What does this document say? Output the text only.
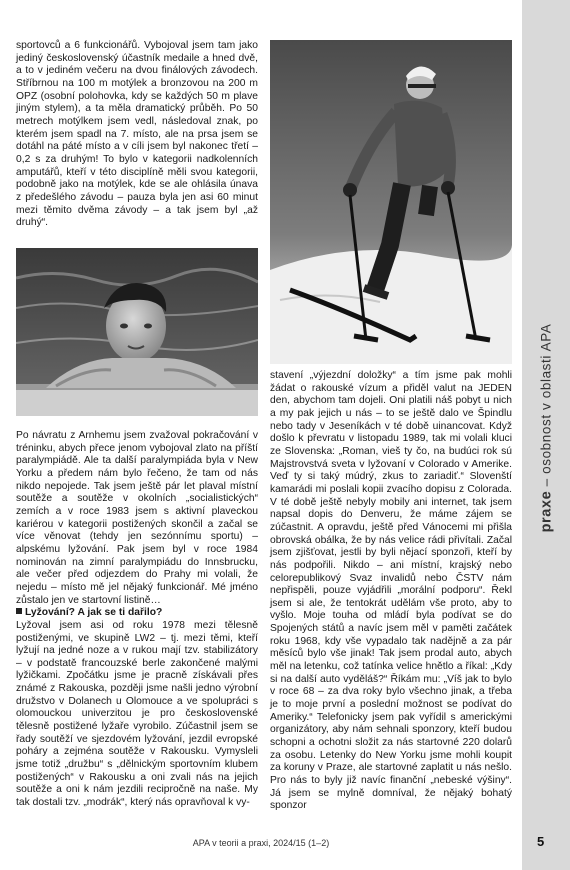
praxe
– osobnost v oblasti APA

sportovců a 6 funkcionářů. Vybojoval jsem tam jako jediný československý účastník medaile a hned dvě, a to v jediném večeru na dvou finálových závodech. Stříbrnou na 100 m motýlek a bronzovou na 200 m OPZ (osobní polohovka, kdy se každých 50 m plave jiným stylem), a ta měla dramatický průběh. Po 50 metrech motýlkem jsem vedl, následoval znak, po kterém jsem spadl na 7. místo, ale na prsa jsem se dotáhl na páté místo a v cíli jsem byl nakonec třetí – 0,2 s za druhým! To bylo v kategorii nadkolenních amputářů, kteří v této disciplíně měli svou kategorii, podobně jako na motýlek, kde se ale ohlásila únava z předešlého závodu – pauza byla jen asi 60 minut mezi těmito dvěma závody – a tak jsem byl „až druhý“.

Po návratu z Arnhemu jsem zvažoval pokračování v tréninku, abych přece jenom vybojoval zlato na příští paralympiádě. Ale ta další paralympiáda byla v New Yorku a předem nám bylo řečeno, že tam od nás nikdo nepojede. Tak jsem ještě pár let plaval místní soutěže a soutěže v okolních „socialistických“ zemích a v roce 1983 jsem s aktivní plaveckou kariérou v kategorii postižených skončil a začal se více věnovat (tehdy jen sezónnímu sportu) – alpskému lyžování. Pak jsem byl v roce 1984 nominován na zimní paralympiádu do Innsbrucku, ale večer před odjezdem do Prahy mi volali, že nejedu – místo mě jel nějaký funkcionář. Mé jméno zůstalo jen ve startovní listině…

Lyžování? A jak se ti dařilo?

Lyžoval jsem asi od roku 1978 mezi tělesně postiženými, ve skupině LW2 – tj. mezi těmi, kteří lyžují na jedné noze a v rukou mají tzv. stabilizátory – v podstatě francouzské berle zakončené malými lyžičkami. Zpočátku jsme je pracně získávali přes známé z Rakouska, později jsme našli jedno výrobní družstvo v Dolanech u Olomouce a ve spolupráci s olomouckou univerzitou je pro československé tělesně postižené lyžaře vyrobilo. Zúčastnil jsem se řady soutěží ve sjezdovém lyžování, jezdil evropské poháry a zejména soutěže v Rakousku. Vymysleli jsme totiž „družbu“ s „dělnickým sportovním klubem postižených“ v Rakousku a oni zvali nás na jejich soutěže a oni k nám jezdili recipročně na naše. My tak dostali tzv. „modrák“, který nás opravňoval k vy-

stavení „výjezdní doložky“ a tím jsme pak mohli žádat o rakouské vízum a přiděl valut na JEDEN den, abychom tam dojeli. Oni platili náš pobyt u nich a my pak jejich u nás – to se ještě dalo ve Špindlu nebo tady v Jeseníkách v té době uinancovat. Když došlo k převratu v listopadu 1989, tak mi volali kluci ze Slovenska: „Roman, vieš ty čo, na budúci rok sú Majstrovstvá sveta v lyžovaní v Colorado v Amerike. Veď ty si taký múdrý, zkus to zariadiť.“ Slovenští kamarádi mi poslali kopii zvacího dopisu z Colorada. V té době ještě nebyly mobily ani internet, tak jsem napsal dopis do Denveru, že máme zájem se zúčastnit. A opravdu, ještě před Vánocemi mi přišla obrovská obálka, že by nás velice rádi přivítali. Začal jsem zjišťovat, jestli by byli nějací sponzoři, kteří by nás podpořili. Nikdo – ani místní, krajský nebo celorepublikový Svaz invalidů nebo ČSTV nám nepřispěli, pouze vyjádřili „morální podporu“. Řekl jsem si ale, že tentokrát udělám vše proto, aby to vyšlo. Moje touha od mládí byla podívat se do Spojených států a navíc jsem měl v paměti začátek roku 1968, kdy vše vypadalo tak nadějně a za pár měsíců bylo vše jinak! Tak jsem prodal auto, abych měl na letenku, což tatínka velice hnětlo a říkal: „Kdy si na další auto vyděláš?“ Říkám mu: „Víš jak to bylo v roce 68 – za dva roky bylo všechno jinak, a třeba je to moje první a poslední možnost se podívat do Ameriky.“ Telefonicky jsem pak vyřídil s americkými organizátory, aby nám sehnali sponzory, kteří budou schopni a ochotni složit za nás startovné 220 dolarů za osobu. Letenky do New Yorku jsme mohli koupit za koruny v Praze, ale startovné zaplatit u nás nešlo. Pro nás to byly již navíc finanční „nebeské výšiny“. Já jsem se mylně domníval, že nějaký bohatý sponzor

APA v teorii a praxi, 2024/15 (1–2)	5
